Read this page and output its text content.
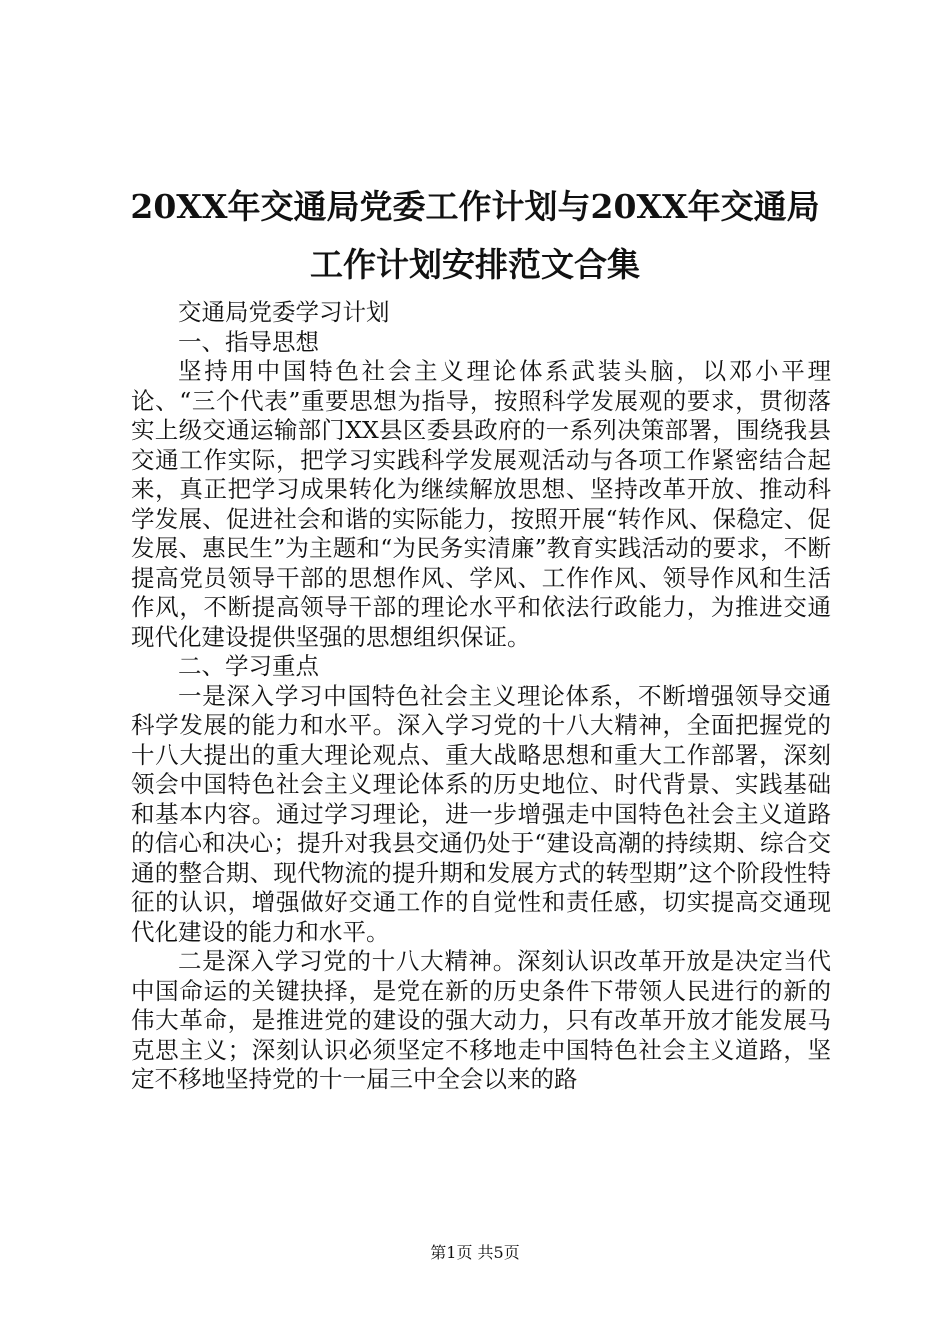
20XX年交通局党委工作计划与20XX年交通局
工作计划安排范文合集

交通局党委学习计划

一、指导思想

坚持用中国特色社会主义理论体系武装头脑，以邓小平理论、“三个代表”重要思想为指导，按照科学发展观的要求，贯彻落实上级交通运输部门XX县区委县政府的一系列决策部署，围绕我县交通工作实际，把学习实践科学发展观活动与各项工作紧密结合起来，真正把学习成果转化为继续解放思想、坚持改革开放、推动科学发展、促进社会和谐的实际能力，按照开展“转作风、保稳定、促发展、惠民生”为主题和“为民务实清廉”教育实践活动的要求，不断提高党员领导干部的思想作风、学风、工作作风、领导作风和生活作风，不断提高领导干部的理论水平和依法行政能力，为推进交通现代化建设提供坚强的思想组织保证。

二、学习重点

一是深入学习中国特色社会主义理论体系，不断增强领导交通科学发展的能力和水平。深入学习党的十八大精神，全面把握党的十八大提出的重大理论观点、重大战略思想和重大工作部署，深刻领会中国特色社会主义理论体系的历史地位、时代背景、实践基础和基本内容。通过学习理论，进一步增强走中国特色社会主义道路的信心和决心；提升对我县交通仍处于“建设高潮的持续期、综合交通的整合期、现代物流的提升期和发展方式的转型期”这个阶段性特征的认识，增强做好交通工作的自觉性和责任感，切实提高交通现代化建设的能力和水平。

二是深入学习党的十八大精神。深刻认识改革开放是决定当代中国命运的关键抉择，是党在新的历史条件下带领人民进行的新的伟大革命，是推进党的建设的强大动力，只有改革开放才能发展马克思主义；深刻认识必须坚定不移地走中国特色社会主义道路，坚定不移地坚持党的十一届三中全会以来的路

第1页 共5页
